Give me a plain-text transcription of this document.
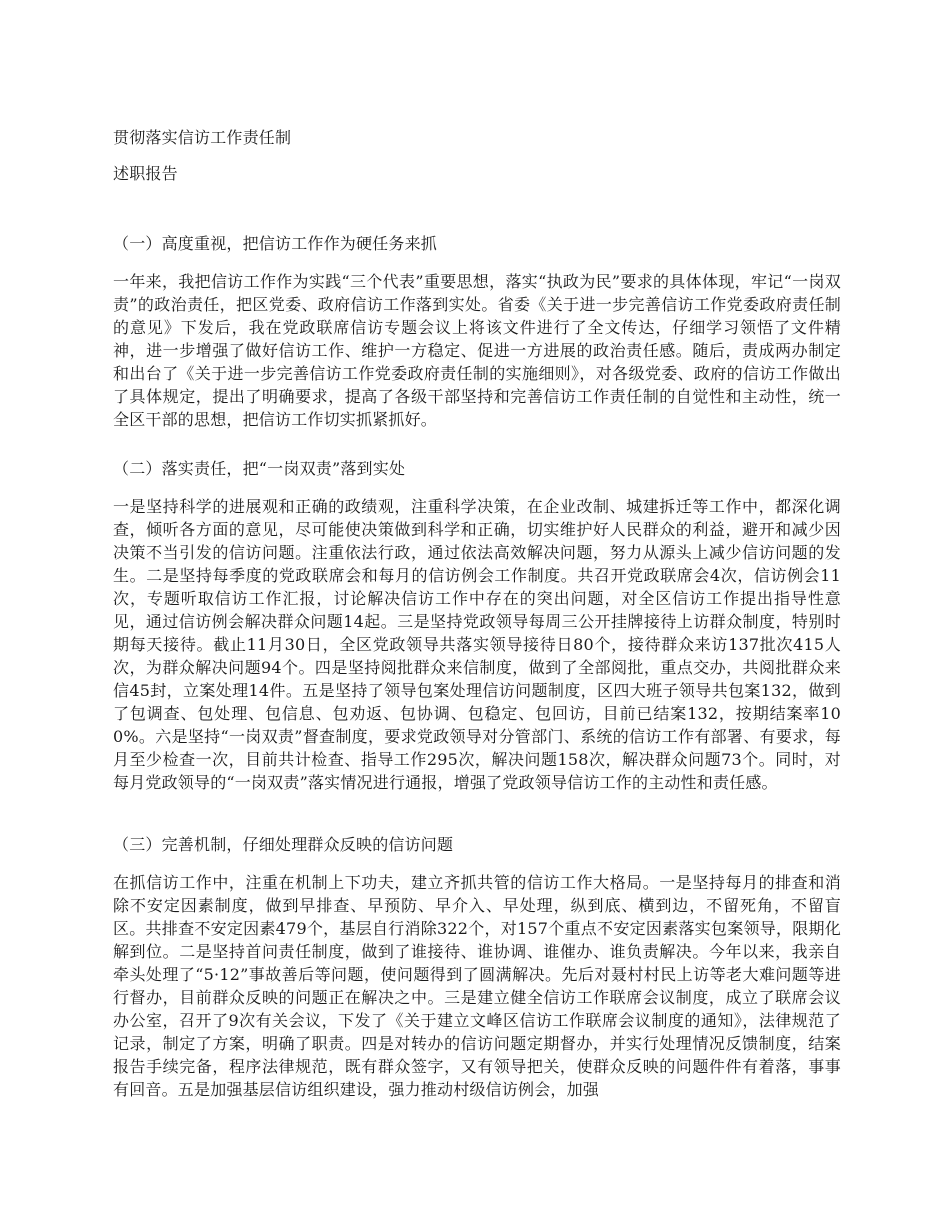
贯彻落实信访工作责任制
述职报告
（一）高度重视，把信访工作作为硬任务来抓
一年来，我把信访工作作为实践“三个代表”重要思想，落实“执政为民”要求的具体体现，牢记“一岗双责”的政治责任，把区党委、政府信访工作落到实处。省委《关于进一步完善信访工作党委政府责任制的意见》下发后，我在党政联席信访专题会议上将该文件进行了全文传达，仔细学习领悟了文件精神，进一步增强了做好信访工作、维护一方稳定、促进一方进展的政治责任感。随后，责成两办制定和出台了《关于进一步完善信访工作党委政府责任制的实施细则》，对各级党委、政府的信访工作做出了具体规定，提出了明确要求，提高了各级干部坚持和完善信访工作责任制的自觉性和主动性，统一全区干部的思想，把信访工作切实抓紧抓好。
（二）落实责任，把“一岗双责”落到实处
一是坚持科学的进展观和正确的政绩观，注重科学决策，在企业改制、城建拆迁等工作中，都深化调查，倾听各方面的意见，尽可能使决策做到科学和正确，切实维护好人民群众的利益，避开和减少因决策不当引发的信访问题。注重依法行政，通过依法高效解决问题，努力从源头上减少信访问题的发生。二是坚持每季度的党政联席会和每月的信访例会工作制度。共召开党政联席会4次，信访例会11次，专题听取信访工作汇报，讨论解决信访工作中存在的突出问题，对全区信访工作提出指导性意见，通过信访例会解决群众问题14起。三是坚持党政领导每周三公开挂牌接待上访群众制度，特别时期每天接待。截止11月30日，全区党政领导共落实领导接待日80个，接待群众来访137批次415人次，为群众解决问题94个。四是坚持阅批群众来信制度，做到了全部阅批，重点交办，共阅批群众来信45封，立案处理14件。五是坚持了领导包案处理信访问题制度，区四大班子领导共包案132，做到了包调查、包处理、包信息、包劝返、包协调、包稳定、包回访，目前已结案132，按期结案率100%。六是坚持“一岗双责”督查制度，要求党政领导对分管部门、系统的信访工作有部署、有要求，每月至少检查一次，目前共计检查、指导工作295次，解决问题158次，解决群众问题73个。同时，对每月党政领导的“一岗双责”落实情况进行通报，增强了党政领导信访工作的主动性和责任感。
（三）完善机制，仔细处理群众反映的信访问题
在抓信访工作中，注重在机制上下功夫，建立齐抓共管的信访工作大格局。一是坚持每月的排查和消除不安定因素制度，做到早排查、早预防、早介入、早处理，纵到底、横到边，不留死角，不留盲区。共排查不安定因素479个，基层自行消除322个，对157个重点不安定因素落实包案领导，限期化解到位。二是坚持首问责任制度，做到了谁接待、谁协调、谁催办、谁负责解决。今年以来，我亲自牵头处理了“5·12”事故善后等问题，使问题得到了圆满解决。先后对聂村村民上访等老大难问题等进行督办，目前群众反映的问题正在解决之中。三是建立健全信访工作联席会议制度，成立了联席会议办公室，召开了9次有关会议，下发了《关于建立文峰区信访工作联席会议制度的通知》，法律规范了记录，制定了方案，明确了职责。四是对转办的信访问题定期督办，并实行处理情况反馈制度，结案报告手续完备，程序法律规范，既有群众签字，又有领导把关，使群众反映的问题件件有着落，事事有回音。五是加强基层信访组织建设，强力推动村级信访例会，加强
